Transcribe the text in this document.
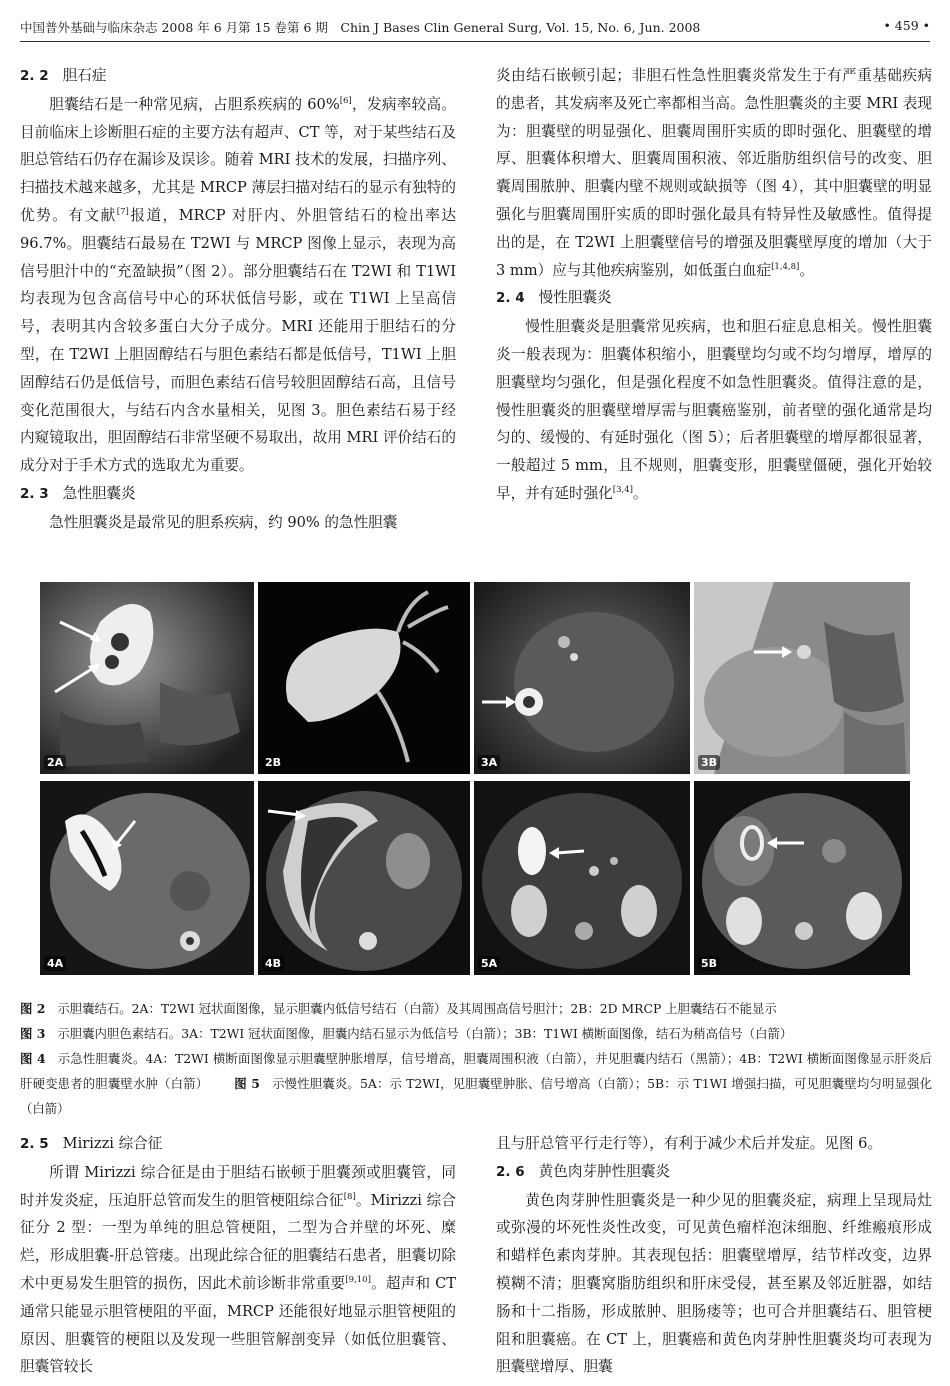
中国普外基础与临床杂志 2008 年 6 月第 15 卷第 6 期　Chin J Bases Clin General Surg, Vol. 15, No. 6, Jun. 2008	• 459 •
2. 2 胆石症
胆囊结石是一种常见病，占胆系疾病的 60%[6]，发病率较高。目前临床上诊断胆石症的主要方法有超声、CT 等，对于某些结石及胆总管结石仍存在漏诊及误诊。随着 MRI 技术的发展，扫描序列、扫描技术越来越多，尤其是 MRCP 薄层扫描对结石的显示有独特的优势。有文献[7]报道，MRCP 对肝内、外胆管结石的检出率达 96.7%。胆囊结石最易在 T2WI 与 MRCP 图像上显示，表现为高信号胆汁中的“充盈缺损”（图 2）。部分胆囊结石在 T2WI 和 T1WI 均表现为包含高信号中心的环状低信号影，或在 T1WI 上呈高信号，表明其内含较多蛋白大分子成分。MRI 还能用于胆结石的分型，在 T2WI 上胆固醇结石与胆色素结石都是低信号，T1WI 上胆固醇结石仍是低信号，而胆色素结石信号较胆固醇结石高，且信号变化范围很大，与结石内含水量相关，见图 3。胆色素结石易于经内窥镜取出，胆固醇结石非常坚硬不易取出，故用 MRI 评价结石的成分对于手术方式的选取尤为重要。
2. 3 急性胆囊炎
急性胆囊炎是最常见的胆系疾病，约 90% 的急性胆囊
炎由结石嵌顿引起；非胆石性急性胆囊炎常发生于有严重基础疾病的患者，其发病率及死亡率都相当高。急性胆囊炎的主要 MRI 表现为：胆囊壁的明显强化、胆囊周围肝实质的即时强化、胆囊壁的增厚、胆囊体积增大、胆囊周围积液、邻近脂肪组织信号的改变、胆囊周围脓肿、胆囊内壁不规则或缺损等（图 4），其中胆囊壁的明显强化与胆囊周围肝实质的即时强化最具有特异性及敏感性。值得提出的是，在 T2WI 上胆囊壁信号的增强及胆囊壁厚度的增加（大于 3 mm）应与其他疾病鉴别，如低蛋白血症[1,4,8]。
2. 4 慢性胆囊炎
慢性胆囊炎是胆囊常见疾病，也和胆石症息息相关。慢性胆囊炎一般表现为：胆囊体积缩小，胆囊壁均匀或不均匀增厚，增厚的胆囊壁均匀强化，但是强化程度不如急性胆囊炎。值得注意的是，慢性胆囊炎的胆囊壁增厚需与胆囊癌鉴别，前者壁的强化通常是均匀的、缓慢的、有延时强化（图 5）；后者胆囊壁的增厚都很显著，一般超过 5 mm，且不规则，胆囊变形，胆囊壁僵硬，强化开始较早，并有延时强化[3,4]。
2A	2B	3A	3B
4A	4B	5A	5B
图 2 示胆囊结石。2A：T2WI 冠状面图像，显示胆囊内低信号结石（白箭）及其周围高信号胆汁；2B：2D MRCP 上胆囊结石不能显示
图 3 示胆囊内胆色素结石。3A：T2WI 冠状面图像，胆囊内结石显示为低信号（白箭）；3B：T1WI 横断面图像，结石为稍高信号（白箭）
图 4 示急性胆囊炎。4A：T2WI 横断面图像显示胆囊壁肿胀增厚，信号增高，胆囊周围积液（白箭），并见胆囊内结石（黑箭）；4B：T2WI 横断面图像显示肝炎后肝硬变患者的胆囊壁水肿（白箭） 图 5 示慢性胆囊炎。5A：示 T2WI，见胆囊壁肿胀、信号增高（白箭）；5B：示 T1WI 增强扫描，可见胆囊壁均匀明显强化（白箭）
2. 5 Mirizzi 综合征
所谓 Mirizzi 综合征是由于胆结石嵌顿于胆囊颈或胆囊管，同时并发炎症，压迫肝总管而发生的胆管梗阻综合征[8]。Mirizzi 综合征分 2 型：一型为单纯的胆总管梗阻，二型为合并壁的坏死、糜烂，形成胆囊-肝总管瘘。出现此综合征的胆囊结石患者，胆囊切除术中更易发生胆管的损伤，因此术前诊断非常重要[9,10]。超声和 CT 通常只能显示胆管梗阻的平面，MRCP 还能很好地显示胆管梗阻的原因、胆囊管的梗阻以及发现一些胆管解剖变异（如低位胆囊管、胆囊管较长
且与肝总管平行走行等），有利于减少术后并发症。见图 6。
2. 6 黄色肉芽肿性胆囊炎
黄色肉芽肿性胆囊炎是一种少见的胆囊炎症，病理上呈现局灶或弥漫的坏死性炎性改变，可见黄色瘤样泡沫细胞、纤维瘢痕形成和蜡样色素肉芽肿。其表现包括：胆囊壁增厚，结节样改变，边界模糊不清；胆囊窝脂肪组织和肝床受侵，甚至累及邻近脏器，如结肠和十二指肠，形成脓肿、胆肠瘘等；也可合并胆囊结石、胆管梗阻和胆囊癌。在 CT 上，胆囊癌和黄色肉芽肿性胆囊炎均可表现为胆囊壁增厚、胆囊
